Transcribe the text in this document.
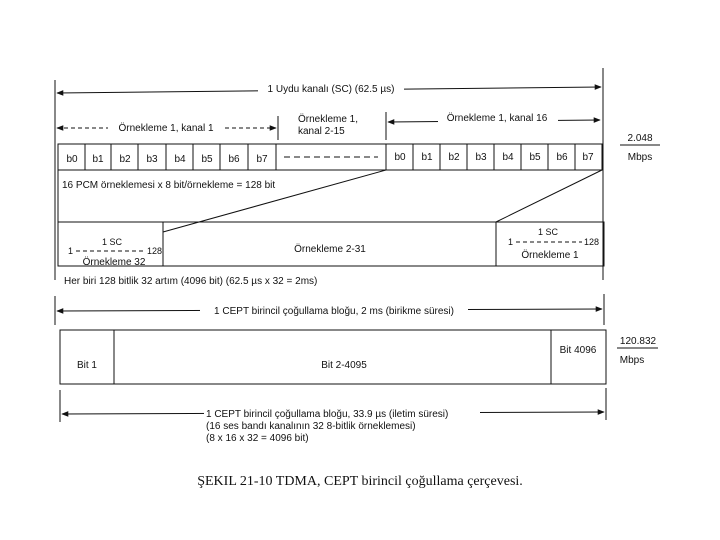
1 Uydu kanalı (SC) (62.5 µs)
Örnekleme 1, kanal 1
Örnekleme 1,
kanal 2-15
Örnekleme 1, kanal 16
b0 b1 b2 b3 b4 b5 b6 b7	b0 b1 b2 b3 b4 b5 b6 b7
2.048
Mbps
16 PCM örneklemesi x 8 bit/örnekleme = 128 bit
1 SC
1	128
Örnekleme 32
Örnekleme 2-31
1 SC
1	128
Örnekleme 1
Her biri 128 bitlik 32 artım (4096 bit) (62.5 µs x 32 = 2ms)
1 CEPT birincil çoğullama bloğu, 2 ms (birikme süresi)
Bit 1	Bit 2-4095
Bit 4096
120.832
Mbps
1 CEPT birincil çoğullama bloğu, 33.9 µs (iletim süresi)
(16 ses bandı kanalının 32 8-bitlik örneklemesi)
(8 x 16 x 32 = 4096 bit)
ŞEKIL 21-10 TDMA, CEPT birincil çoğullama çerçevesi.
